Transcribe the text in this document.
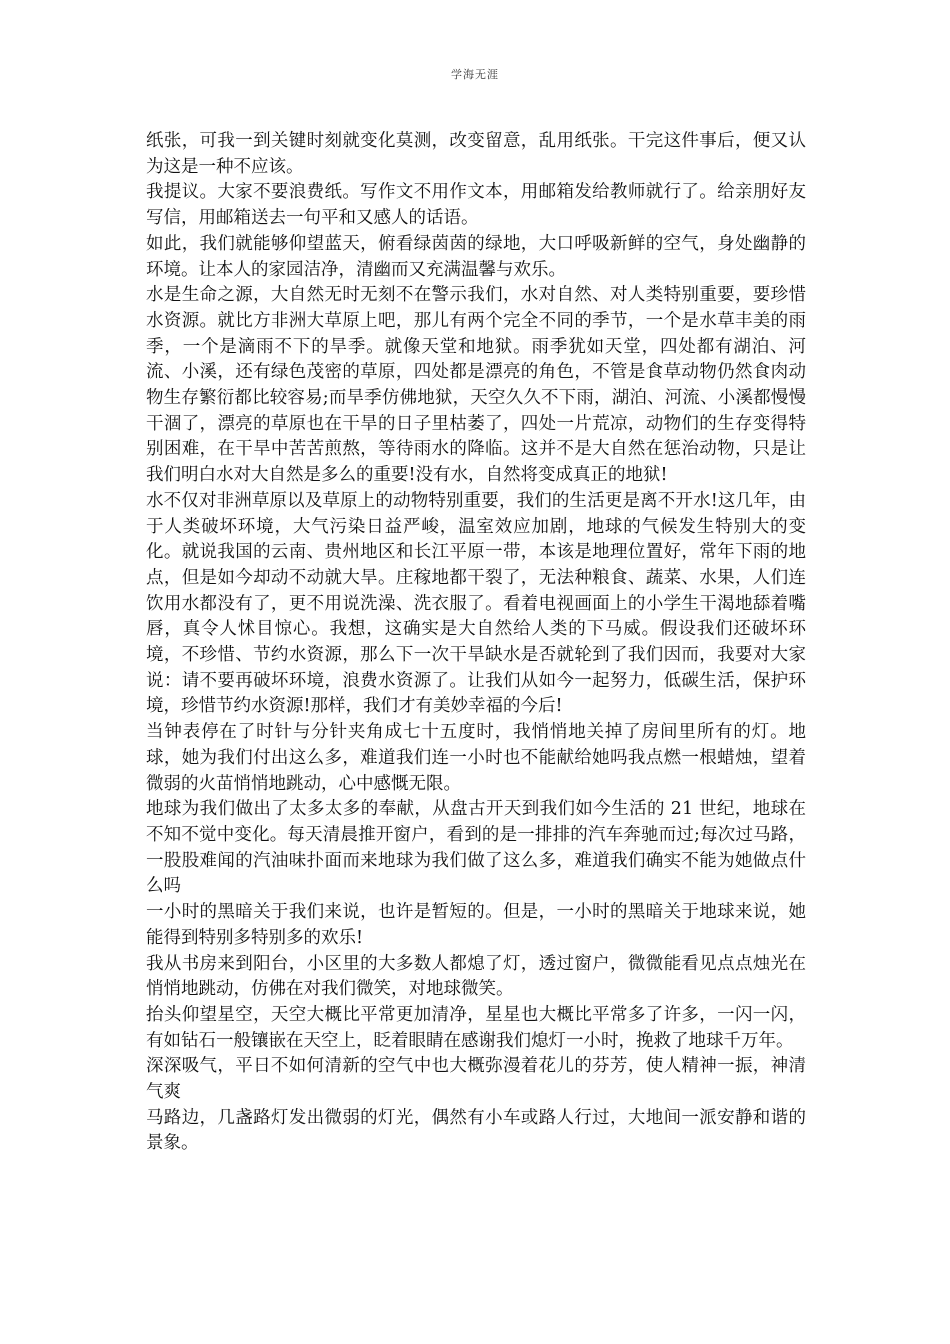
学海无涯

纸张，可我一到关键时刻就变化莫测，改变留意，乱用纸张。干完这件事后，便又认为这是一种不应该。

我提议。大家不要浪费纸。写作文不用作文本，用邮箱发给教师就行了。给亲朋好友写信，用邮箱送去一句平和又感人的话语。

如此，我们就能够仰望蓝天，俯看绿茵茵的绿地，大口呼吸新鲜的空气，身处幽静的环境。让本人的家园洁净，清幽而又充满温馨与欢乐。

水是生命之源，大自然无时无刻不在警示我们，水对自然、对人类特别重要，要珍惜水资源。就比方非洲大草原上吧，那儿有两个完全不同的季节，一个是水草丰美的雨季，一个是滴雨不下的旱季。就像天堂和地狱。雨季犹如天堂，四处都有湖泊、河流、小溪，还有绿色茂密的草原，四处都是漂亮的角色，不管是食草动物仍然食肉动物生存繁衍都比较容易;而旱季仿佛地狱，天空久久不下雨，湖泊、河流、小溪都慢慢干涸了，漂亮的草原也在干旱的日子里枯萎了，四处一片荒凉，动物们的生存变得特别困难，在干旱中苦苦煎熬，等待雨水的降临。这并不是大自然在惩治动物，只是让我们明白水对大自然是多么的重要!没有水，自然将变成真正的地狱!

水不仅对非洲草原以及草原上的动物特别重要，我们的生活更是离不开水!这几年，由于人类破坏环境，大气污染日益严峻，温室效应加剧，地球的气候发生特别大的变化。就说我国的云南、贵州地区和长江平原一带，本该是地理位置好，常年下雨的地点，但是如今却动不动就大旱。庄稼地都干裂了，无法种粮食、蔬菜、水果，人们连饮用水都没有了，更不用说洗澡、洗衣服了。看着电视画面上的小学生干渴地舔着嘴唇，真令人怵目惊心。我想，这确实是大自然给人类的下马威。假设我们还破坏环境，不珍惜、节约水资源，那么下一次干旱缺水是否就轮到了我们因而，我要对大家说：请不要再破坏环境，浪费水资源了。让我们从如今一起努力，低碳生活，保护环境，珍惜节约水资源!那样，我们才有美妙幸福的今后!

当钟表停在了时针与分针夹角成七十五度时，我悄悄地关掉了房间里所有的灯。地球，她为我们付出这么多，难道我们连一小时也不能献给她吗我点燃一根蜡烛，望着微弱的火苗悄悄地跳动，心中感慨无限。

地球为我们做出了太多太多的奉献，从盘古开天到我们如今生活的 21 世纪，地球在不知不觉中变化。每天清晨推开窗户，看到的是一排排的汽车奔驰而过;每次过马路，一股股难闻的汽油味扑面而来地球为我们做了这么多，难道我们确实不能为她做点什么吗

一小时的黑暗关于我们来说，也许是暂短的。但是，一小时的黑暗关于地球来说，她能得到特别多特别多的欢乐!

我从书房来到阳台，小区里的大多数人都熄了灯，透过窗户，微微能看见点点烛光在悄悄地跳动，仿佛在对我们微笑，对地球微笑。

抬头仰望星空，天空大概比平常更加清净，星星也大概比平常多了许多，一闪一闪，有如钻石一般镶嵌在天空上，眨着眼睛在感谢我们熄灯一小时，挽救了地球千万年。

深深吸气，平日不如何清新的空气中也大概弥漫着花儿的芬芳，使人精神一振，神清气爽

马路边，几盏路灯发出微弱的灯光，偶然有小车或路人行过，大地间一派安静和谐的景象。
